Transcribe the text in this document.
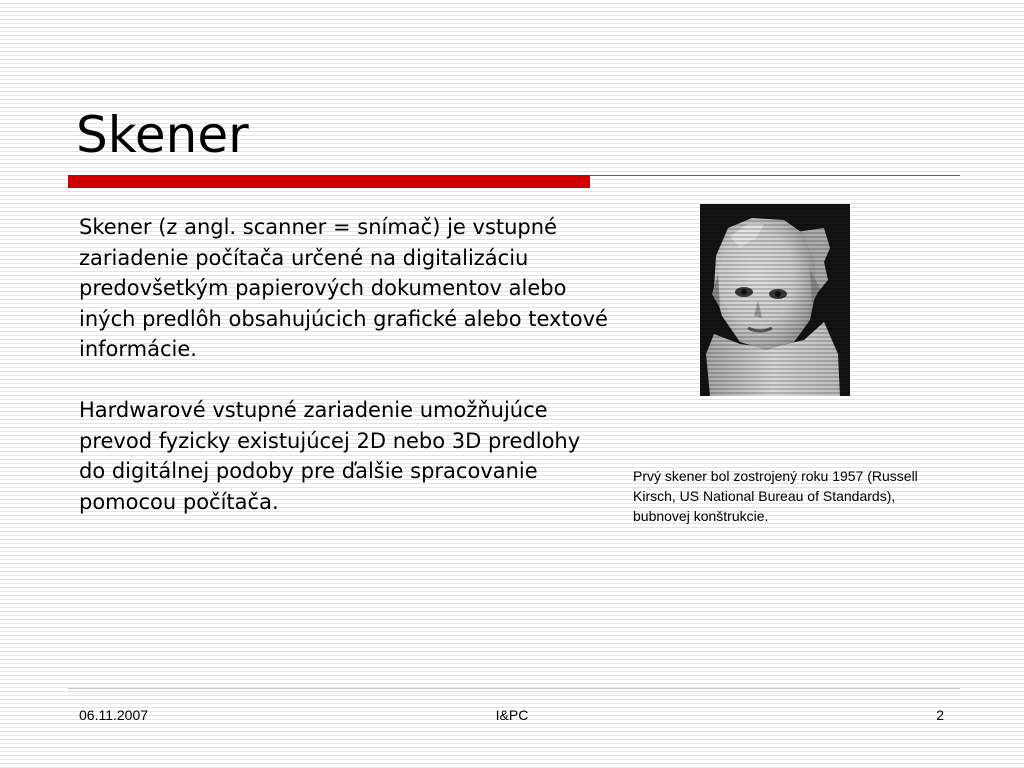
Skener

Skener (z angl. scanner = snímač) je vstupné zariadenie počítača určené na digitalizáciu predovšetkým papierových dokumentov alebo iných predlôh obsahujúcich grafické alebo textové informácie.

Hardwarové vstupné zariadenie umožňujúce prevod fyzicky existujúcej 2D nebo 3D predlohy do digitálnej podoby pre ďalšie spracovanie pomocou počítača.

Prvý skener bol zostrojený roku 1957 (Russell Kirsch, US National Bureau of Standards), bubnovej konštrukcie.

06.11.2007	I&PC	2
